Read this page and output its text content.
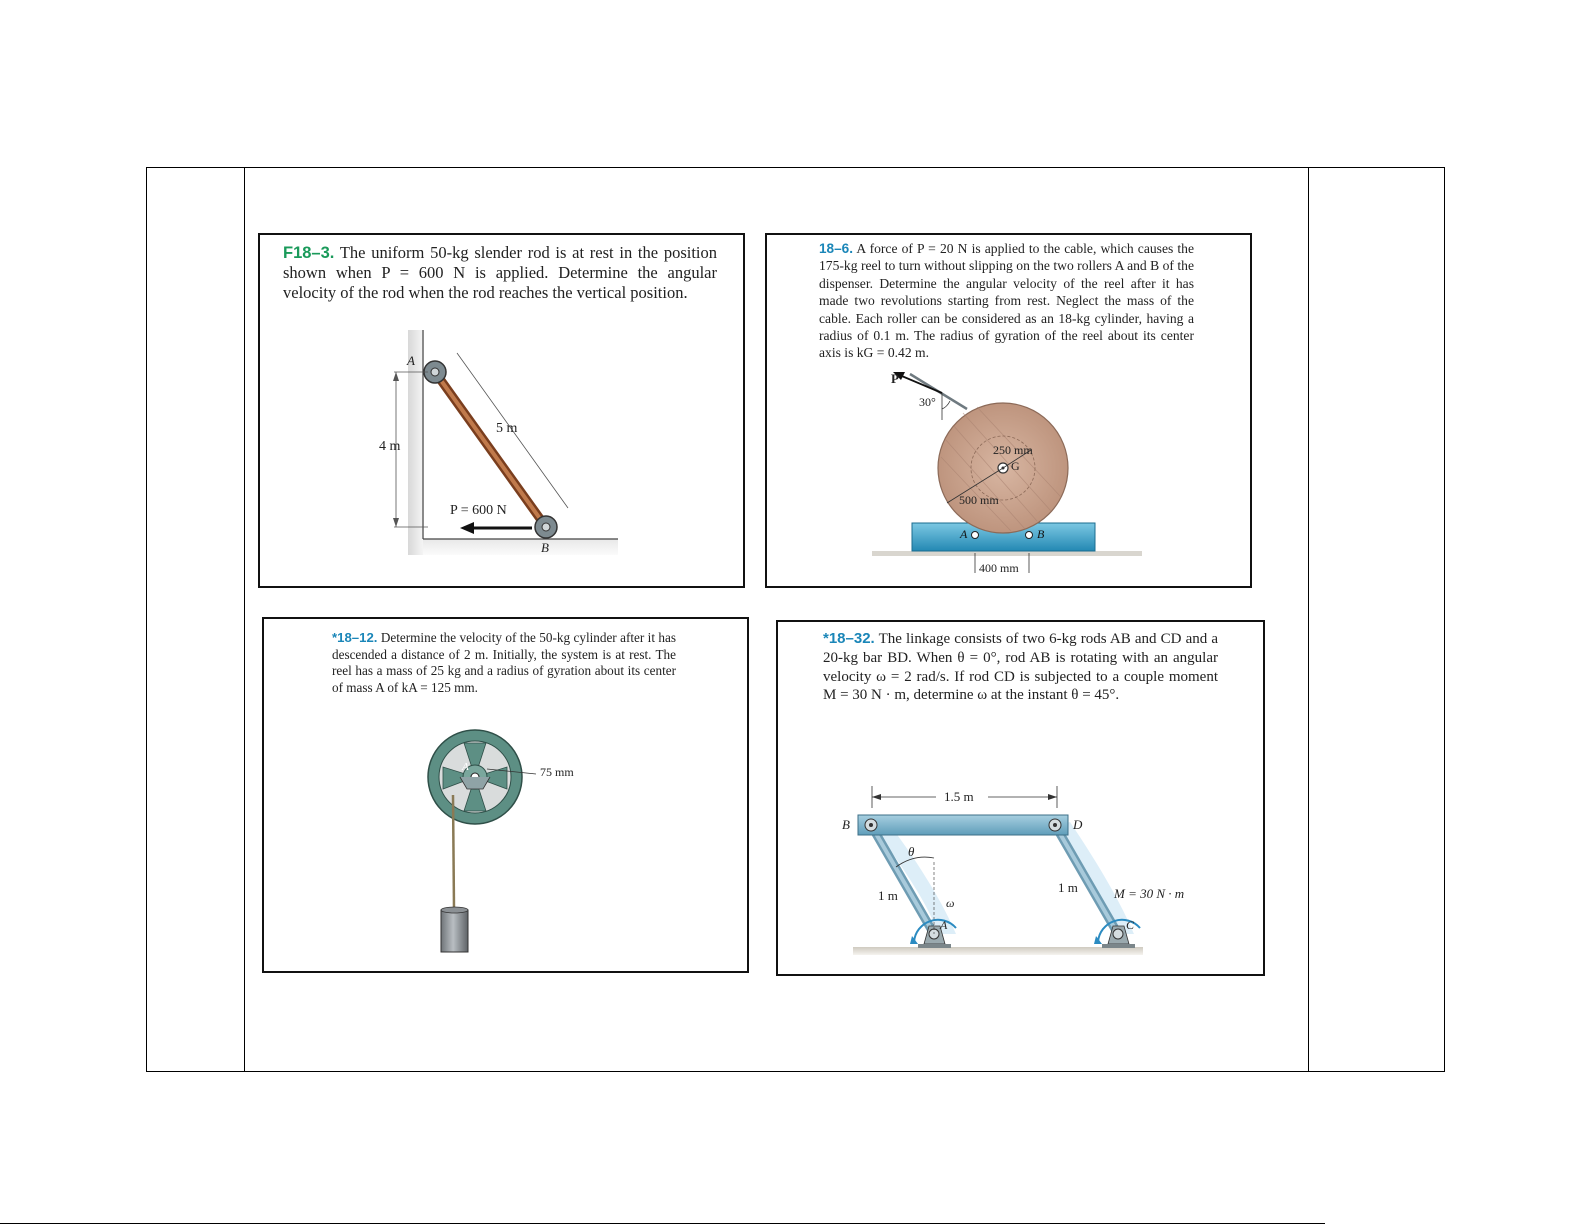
F18–3. The uniform 50-kg slender rod is at rest in the position shown when P = 600 N is applied. Determine the angular velocity of the rod when the rod reaches the vertical position.
A
B
5 m
4 m
P = 600 N
18–6. A force of P = 20 N is applied to the cable, which causes the 175-kg reel to turn without slipping on the two rollers A and B of the dispenser. Determine the angular velocity of the reel after it has made two revolutions starting from rest. Neglect the mass of the cable. Each roller can be considered as an 18-kg cylinder, having a radius of 0.1 m. The radius of gyration of the reel about its center axis is kG = 0.42 m.
P
30°
250 mm
G
500 mm
A	B
400 mm
*18–12. Determine the velocity of the 50-kg cylinder after it has descended a distance of 2 m. Initially, the system is at rest. The reel has a mass of 25 kg and a radius of gyration about its center of mass A of kA = 125 mm.
A	75 mm
*18–32. The linkage consists of two 6-kg rods AB and CD and a 20-kg bar BD. When θ = 0°, rod AB is rotating with an angular velocity ω = 2 rad/s. If rod CD is subjected to a couple moment M = 30 N · m, determine ω at the instant θ = 45°.
1.5 m
B	D
θ
1 m
1 m
ω
A	C
M = 30 N · m
